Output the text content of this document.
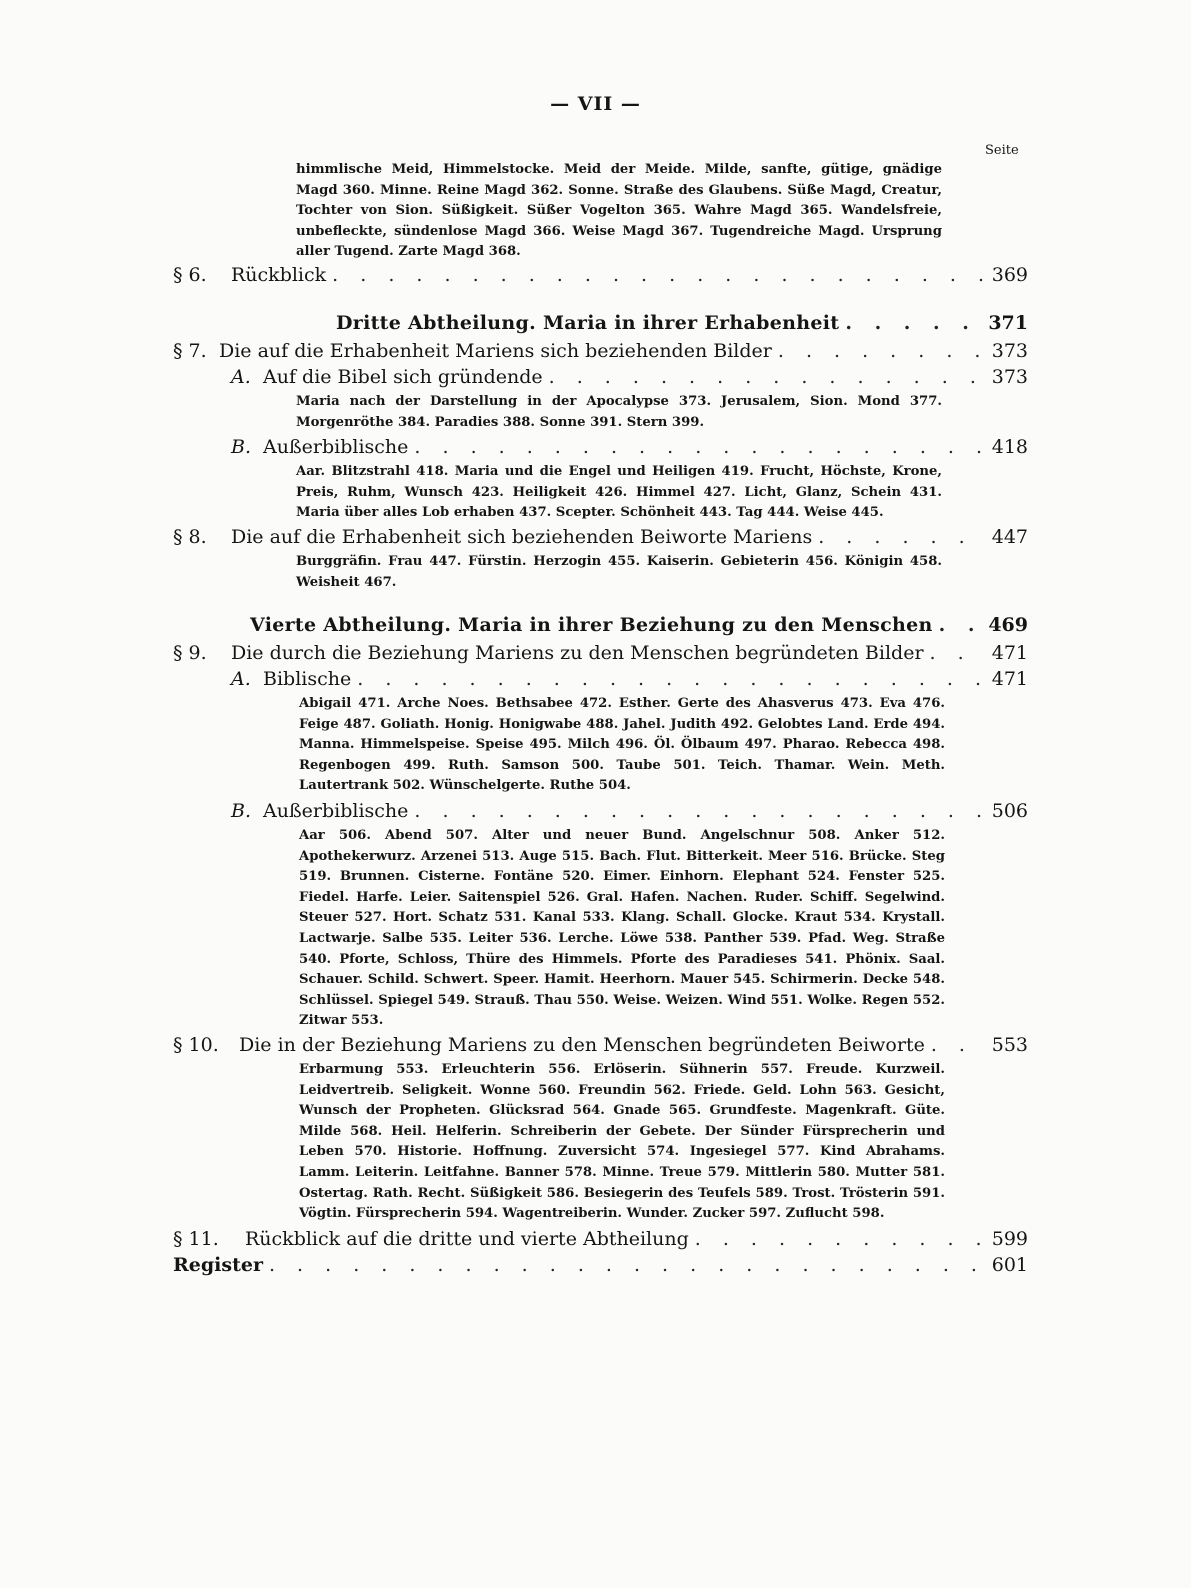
— VII —
Seite
himmlische Meid, Himmelstocke. Meid der Meide. Milde, sanfte, gütige, gnädige Magd 360. Minne. Reine Magd 362. Sonne. Straße des Glaubens. Süße Magd, Creatur, Tochter von Sion. Süßigkeit. Süßer Vogelton 365. Wahre Magd 365. Wandelsfreie, unbefleckte, sündenlose Magd 366. Weise Magd 367. Tugendreiche Magd. Ursprung aller Tugend. Zarte Magd 368.
§ 6.	Rückblick . . .	369
Dritte Abtheilung. Maria in ihrer Erhabenheit . . .	371
§ 7. Die auf die Erhabenheit Mariens sich beziehenden Bilder . . .	373
A. Auf die Bibel sich gründende . . .	373
Maria nach der Darstellung in der Apocalypse 373. Jerusalem, Sion. Mond 377. Morgenröthe 384. Paradies 388. Sonne 391. Stern 399.
B. Außerbiblische . . .	418
Aar. Blitzstrahl 418. Maria und die Engel und Heiligen 419. Frucht, Höchste, Krone, Preis, Ruhm, Wunsch 423. Heiligkeit 426. Himmel 427. Licht, Glanz, Schein 431. Maria über alles Lob erhaben 437. Scepter. Schönheit 443. Tag 444. Weise 445.
§ 8.	Die auf die Erhabenheit sich beziehenden Beiworte Mariens . . .	447
Burggräfin. Frau 447. Fürstin. Herzogin 455. Kaiserin. Gebieterin 456. Königin 458. Weisheit 467.
Vierte Abtheilung. Maria in ihrer Beziehung zu den Menschen . . .	469
§ 9.	Die durch die Beziehung Mariens zu den Menschen begründeten Bilder . . .	471
A. Biblische . . .	471
Abigail 471. Arche Noes. Bethsabee 472. Esther. Gerte des Ahasverus 473. Eva 476. Feige 487. Goliath. Honig. Honigwabe 488. Jahel. Judith 492. Gelobtes Land. Erde 494. Manna. Himmelspeise. Speise 495. Milch 496. Öl. Ölbaum 497. Pharao. Rebecca 498. Regenbogen 499. Ruth. Samson 500. Taube 501. Teich. Thamar. Wein. Meth. Lautertrank 502. Wünschelgerte. Ruthe 504.
B. Außerbiblische . . .	506
Aar 506. Abend 507. Alter und neuer Bund. Angelschnur 508. Anker 512. Apothekerwurz. Arzenei 513. Auge 515. Bach. Flut. Bitterkeit. Meer 516. Brücke. Steg 519. Brunnen. Cisterne. Fontäne 520. Eimer. Einhorn. Elephant 524. Fenster 525. Fiedel. Harfe. Leier. Saitenspiel 526. Gral. Hafen. Nachen. Ruder. Schiff. Segelwind. Steuer 527. Hort. Schatz 531. Kanal 533. Klang. Schall. Glocke. Kraut 534. Krystall. Lactwarje. Salbe 535. Leiter 536. Lerche. Löwe 538. Panther 539. Pfad. Weg. Straße 540. Pforte, Schloss, Thüre des Himmels. Pforte des Paradieses 541. Phönix. Saal. Schauer. Schild. Schwert. Speer. Hamit. Heerhorn. Mauer 545. Schirmerin. Decke 548. Schlüssel. Spiegel 549. Strauß. Thau 550. Weise. Weizen. Wind 551. Wolke. Regen 552. Zitwar 553.
§ 10.	Die in der Beziehung Mariens zu den Menschen begründeten Beiworte . . .	553
Erbarmung 553. Erleuchterin 556. Erlöserin. Sühnerin 557. Freude. Kurzweil. Leidvertreib. Seligkeit. Wonne 560. Freundin 562. Friede. Geld. Lohn 563. Gesicht, Wunsch der Propheten. Glücksrad 564. Gnade 565. Grundfeste. Magenkraft. Güte. Milde 568. Heil. Helferin. Schreiberin der Gebete. Der Sünder Fürsprecherin und Leben 570. Historie. Hoffnung. Zuversicht 574. Ingesiegel 577. Kind Abrahams. Lamm. Leiterin. Leitfahne. Banner 578. Minne. Treue 579. Mittlerin 580. Mutter 581. Ostertag. Rath. Recht. Süßigkeit 586. Besiegerin des Teufels 589. Trost. Trösterin 591. Vögtin. Fürsprecherin 594. Wagentreiberin. Wunder. Zucker 597. Zuflucht 598.
§ 11.	Rückblick auf die dritte und vierte Abtheilung . . .	599
Register . . .	601
